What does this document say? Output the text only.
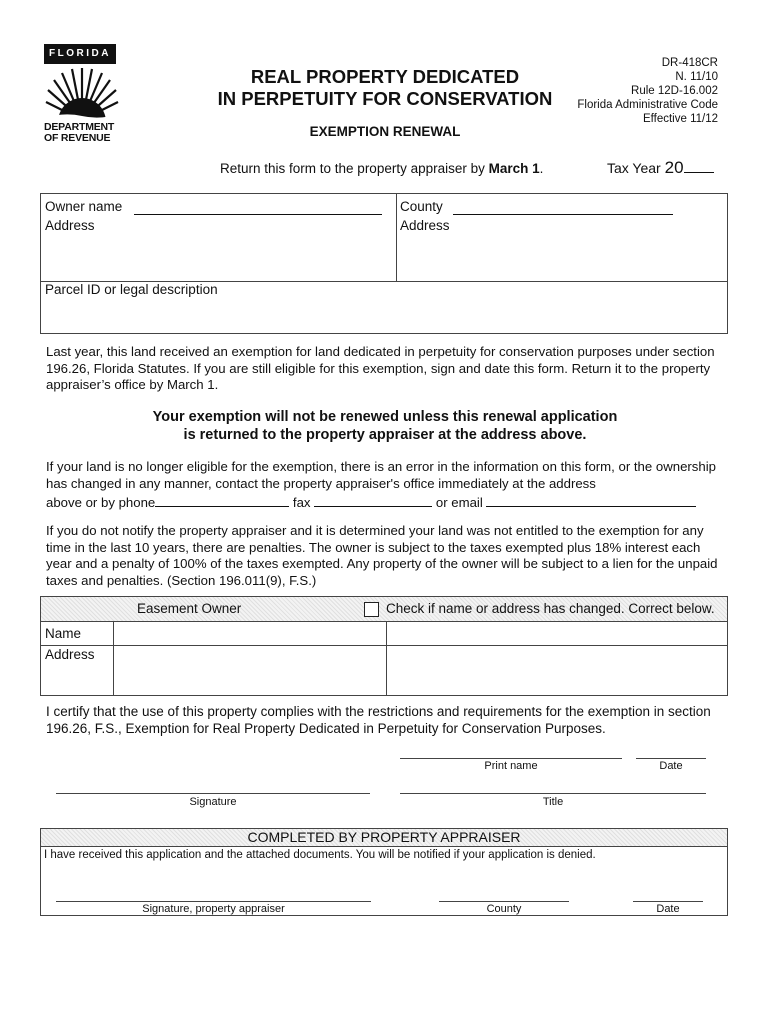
FLORIDA
DEPARTMENT
OF REVENUE
REAL PROPERTY DEDICATED
IN PERPETUITY FOR CONSERVATION
EXEMPTION RENEWAL
DR-418CR
N. 11/10
Rule 12D-16.002
Florida Administrative Code
Effective 11/12
Return this form to the property appraiser by March 1.	Tax Year 20
Owner name
Address
County
Address
Parcel ID or legal description
Last year, this land received an exemption for land dedicated in perpetuity for conservation purposes under section 196.26, Florida Statutes. If you are still eligible for this exemption, sign and date this form. Return it to the property appraiser’s office by March 1.
Your exemption will not be renewed unless this renewal application
is returned to the property appraiser at the address above.
If your land is no longer eligible for the exemption, there is an error in the information on this form, or the ownership has changed in any manner, contact the property appraiser's office immediately at the address
above or by phone	fax	or email
If you do not notify the property appraiser and it is determined your land was not entitled to the exemption for any time in the last 10 years, there are penalties. The owner is subject to the taxes exempted plus 18% interest each year and a penalty of 100% of the taxes exempted. Any property of the owner will be subject to a lien for the unpaid taxes and penalties. (Section 196.011(9), F.S.)
Easement Owner	Check if name or address has changed. Correct below.
Name
Address
I certify that the use of this property complies with the restrictions and requirements for the exemption in section 196.26, F.S., Exemption for Real Property Dedicated in Perpetuity for Conservation Purposes.
Print name	Date
Signature	Title
COMPLETED BY PROPERTY APPRAISER
I have received this application and the attached documents. You will be notified if your application is denied.
Signature, property appraiser	County	Date
